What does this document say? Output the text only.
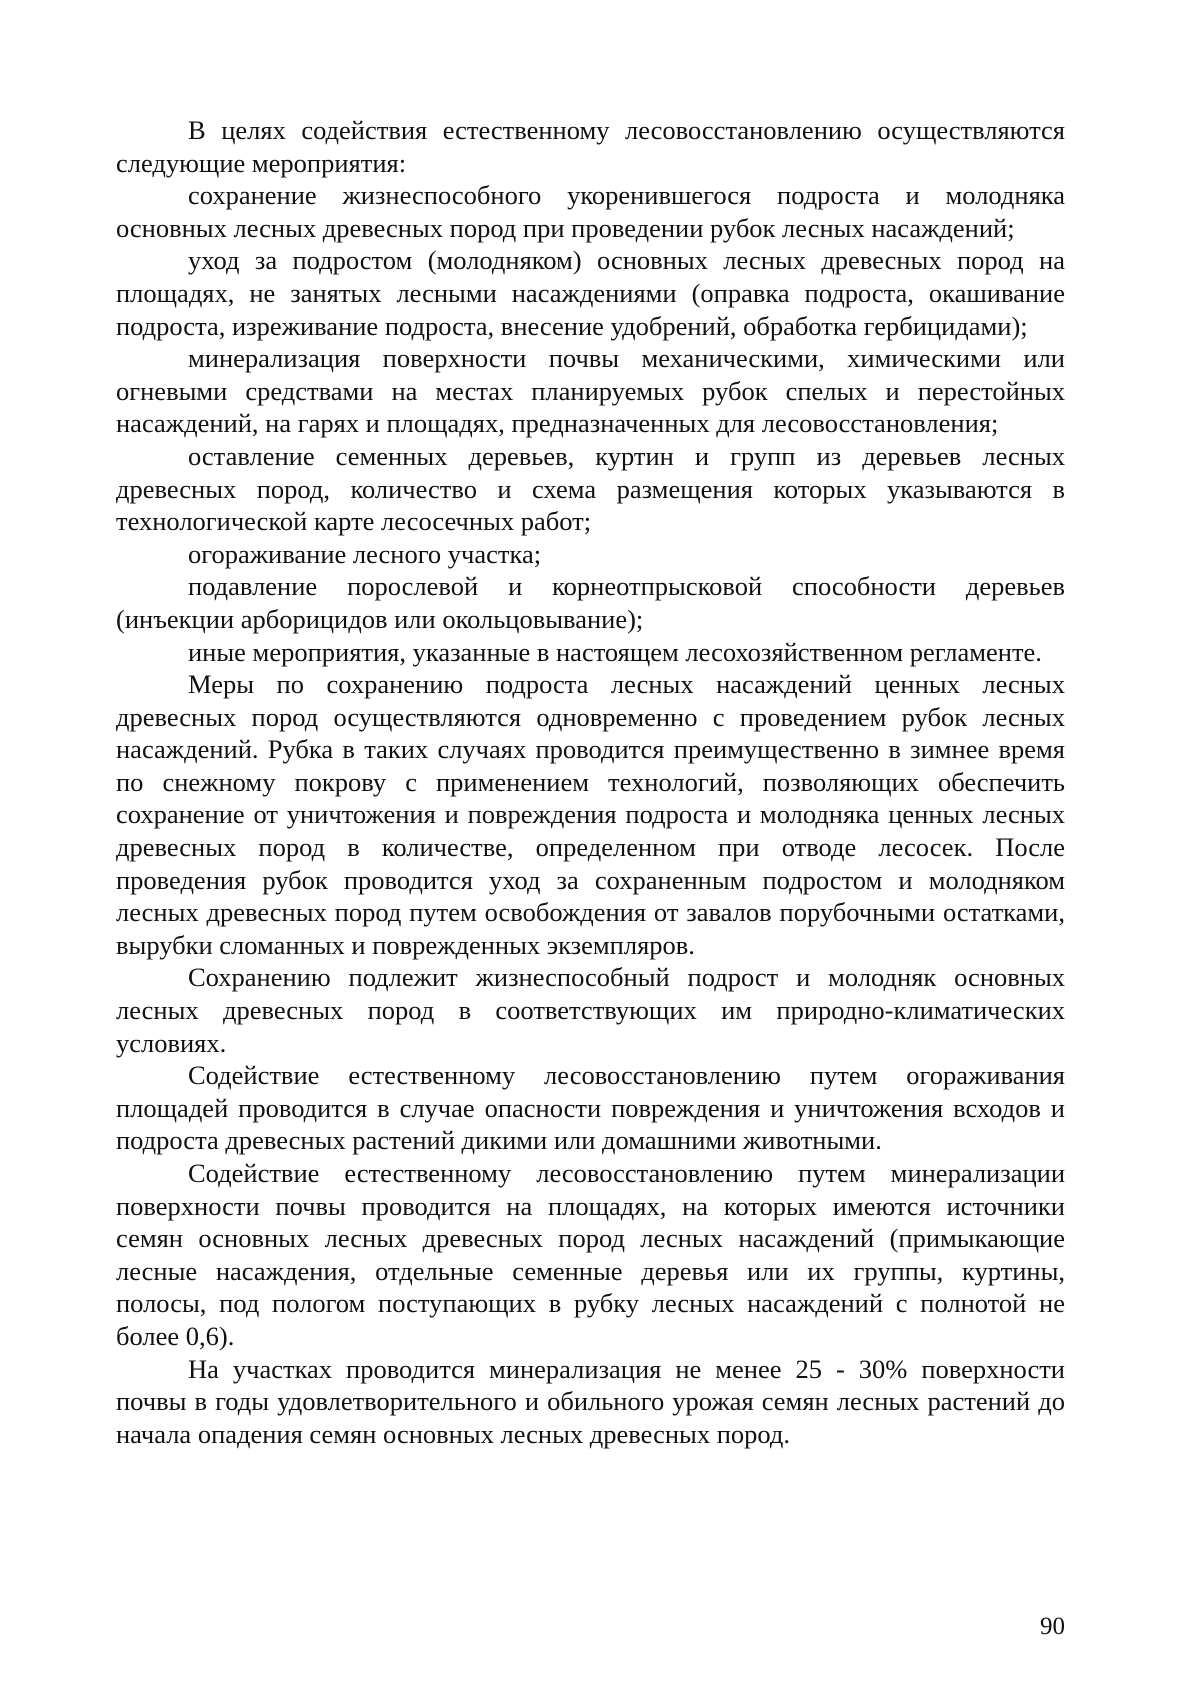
В целях содействия естественному лесовосстановлению осуществляются следующие мероприятия:

сохранение жизнеспособного укоренившегося подроста и молодняка основных лесных древесных пород при проведении рубок лесных насаждений;

уход за подростом (молодняком) основных лесных древесных пород на площадях, не занятых лесными насаждениями (оправка подроста, окашивание подроста, изреживание подроста, внесение удобрений, обработка гербицидами);

минерализация поверхности почвы механическими, химическими или огневыми средствами на местах планируемых рубок спелых и перестойных насаждений, на гарях и площадях, предназначенных для лесовосстановления;

оставление семенных деревьев, куртин и групп из деревьев лесных древесных пород, количество и схема размещения которых указываются в технологической карте лесосечных работ;

огораживание лесного участка;

подавление порослевой и корнеотпрысковой способности деревьев (инъекции арборицидов или окольцовывание);

иные мероприятия, указанные в настоящем лесохозяйственном регламенте.

Меры по сохранению подроста лесных насаждений ценных лесных древесных пород осуществляются одновременно с проведением рубок лесных насаждений. Рубка в таких случаях проводится преимущественно в зимнее время по снежному покрову с применением технологий, позволяющих обеспечить сохранение от уничтожения и повреждения подроста и молодняка ценных лесных древесных пород в количестве, определенном при отводе лесосек. После проведения рубок проводится уход за сохраненным подростом и молодняком лесных древесных пород путем освобождения от завалов порубочными остатками, вырубки сломанных и поврежденных экземпляров.

Сохранению подлежит жизнеспособный подрост и молодняк основных лесных древесных пород в соответствующих им природно-климатических условиях.

Содействие естественному лесовосстановлению путем огораживания площадей проводится в случае опасности повреждения и уничтожения всходов и подроста древесных растений дикими или домашними животными.

Содействие естественному лесовосстановлению путем минерализации поверхности почвы проводится на площадях, на которых имеются источники семян основных лесных древесных пород лесных насаждений (примыкающие лесные насаждения, отдельные семенные деревья или их группы, куртины, полосы, под пологом поступающих в рубку лесных насаждений с полнотой не более 0,6).

На участках проводится минерализация не менее 25 - 30% поверхности почвы в годы удовлетворительного и обильного урожая семян лесных растений до начала опадения семян основных лесных древесных пород.

90
